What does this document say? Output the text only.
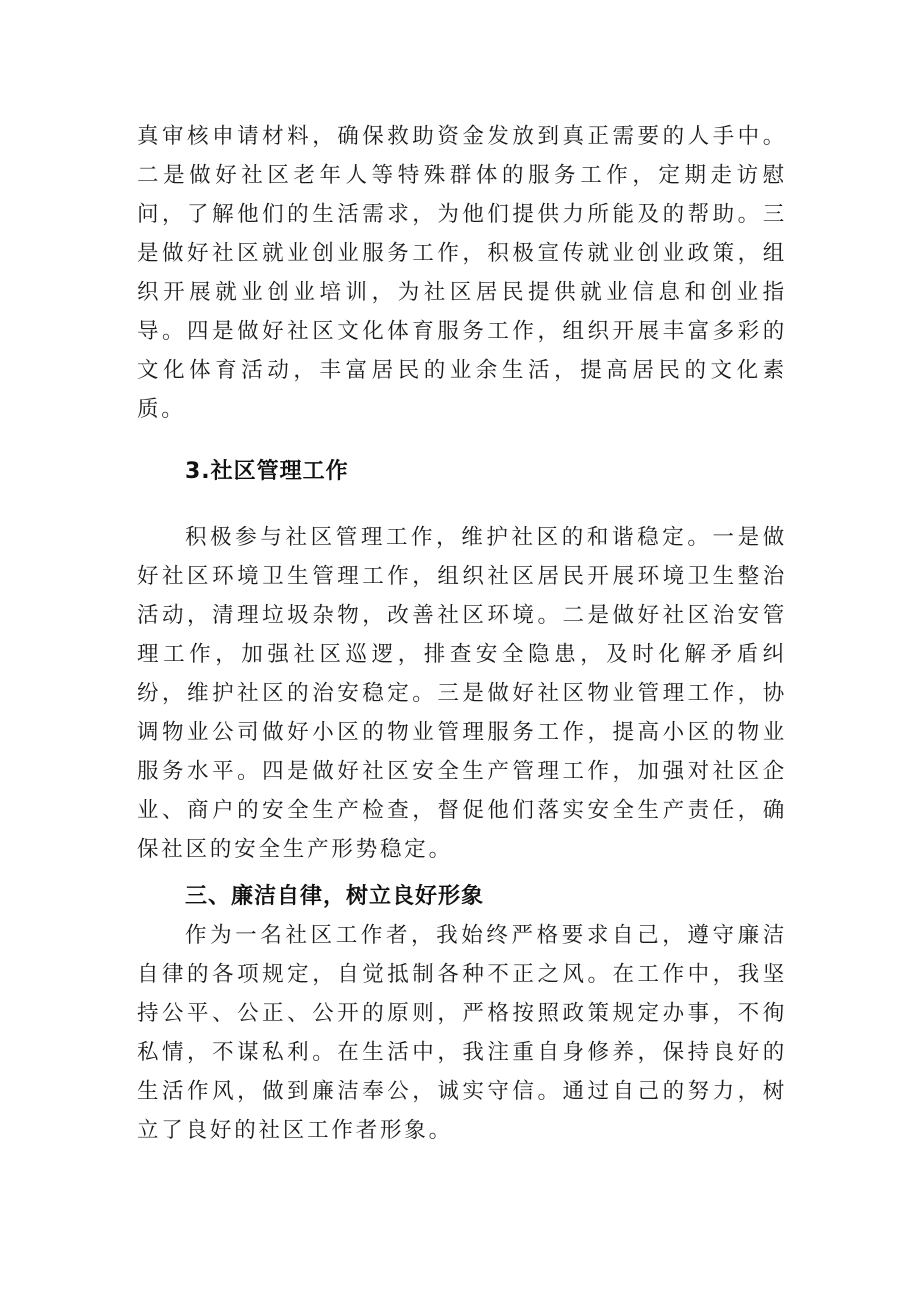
真审核申请材料，确保救助资金发放到真正需要的人手中。二是做好社区老年人等特殊群体的服务工作，定期走访慰问，了解他们的生活需求，为他们提供力所能及的帮助。三是做好社区就业创业服务工作，积极宣传就业创业政策，组织开展就业创业培训，为社区居民提供就业信息和创业指导。四是做好社区文化体育服务工作，组织开展丰富多彩的文化体育活动，丰富居民的业余生活，提高居民的文化素质。

3.社区管理工作

积极参与社区管理工作，维护社区的和谐稳定。一是做好社区环境卫生管理工作，组织社区居民开展环境卫生整治活动，清理垃圾杂物，改善社区环境。二是做好社区治安管理工作，加强社区巡逻，排查安全隐患，及时化解矛盾纠纷，维护社区的治安稳定。三是做好社区物业管理工作，协调物业公司做好小区的物业管理服务工作，提高小区的物业服务水平。四是做好社区安全生产管理工作，加强对社区企业、商户的安全生产检查，督促他们落实安全生产责任，确保社区的安全生产形势稳定。

三、廉洁自律，树立良好形象

作为一名社区工作者，我始终严格要求自己，遵守廉洁自律的各项规定，自觉抵制各种不正之风。在工作中，我坚持公平、公正、公开的原则，严格按照政策规定办事，不徇私情，不谋私利。在生活中，我注重自身修养，保持良好的生活作风，做到廉洁奉公，诚实守信。通过自己的努力，树立了良好的社区工作者形象。
